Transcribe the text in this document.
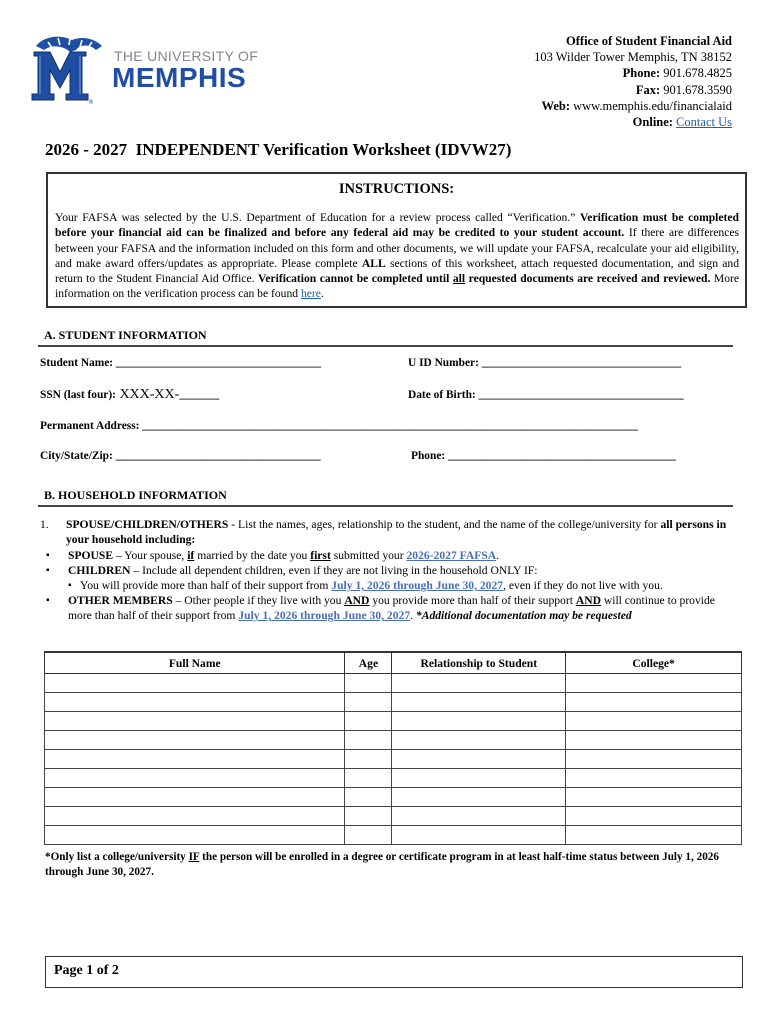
®
THE UNIVERSITY OF
MEMPHIS
Office of Student Financial Aid
103 Wilder Tower Memphis, TN 38152
Phone: 901.678.4825
Fax: 901.678.3590
Web: www.memphis.edu/financialaid
Online: Contact Us
2026 - 2027  INDEPENDENT Verification Worksheet (IDVW27)
INSTRUCTIONS:
Your FAFSA was selected by the U.S. Department of Education for a review process called “Verification.” Verification must be completed before your financial aid can be finalized and before any federal aid may be credited to your student account. If there are differences between your FAFSA and the information included on this form and other documents, we will update your FAFSA, recalculate your aid eligibility, and make award offers/updates as appropriate. Please complete ALL sections of this worksheet, attach requested documentation, and sign and return to the Student Financial Aid Office. Verification cannot be completed until all requested documents are received and reviewed. More information on the verification process can be found here.
A. STUDENT INFORMATION
Student Name: ____________________________________	U ID Number: ___________________________________
SSN (last four): XXX-XX-_______	Date of Birth: ____________________________________
Permanent Address: _______________________________________________________________________________________
City/State/Zip: ____________________________________	Phone: ________________________________________
B. HOUSEHOLD INFORMATION
1. SPOUSE/CHILDREN/OTHERS - List the names, ages, relationship to the student, and the name of the college/university for all persons in your household including:
▪ SPOUSE – Your spouse, if married by the date you first submitted your 2026-2027 FAFSA.
▪ CHILDREN – Include all dependent children, even if they are not living in the household ONLY IF:
▪ You will provide more than half of their support from July 1, 2026 through June 30, 2027, even if they do not live with you.
▪ OTHER MEMBERS – Other people if they live with you AND you provide more than half of their support AND will continue to provide more than half of their support from July 1, 2026 through June 30, 2027. *Additional documentation may be requested
Full Name	Age	Relationship to Student	College*

*Only list a college/university IF the person will be enrolled in a degree or certificate program in at least half-time status between July 1, 2026 through June 30, 2027.
Page 1 of 2
